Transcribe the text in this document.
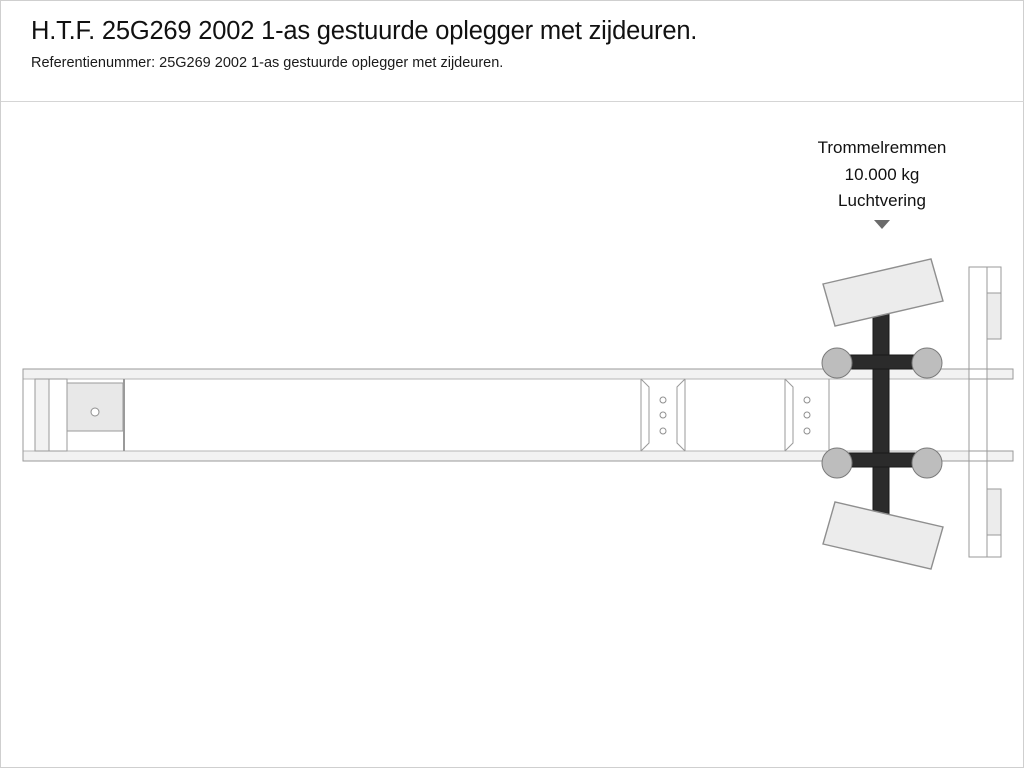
H.T.F. 25G269 2002 1-as gestuurde oplegger met zijdeuren.

Referentienummer: 25G269 2002 1-as gestuurde oplegger met zijdeuren.

Trommelremmen
10.000 kg
Luchtvering
